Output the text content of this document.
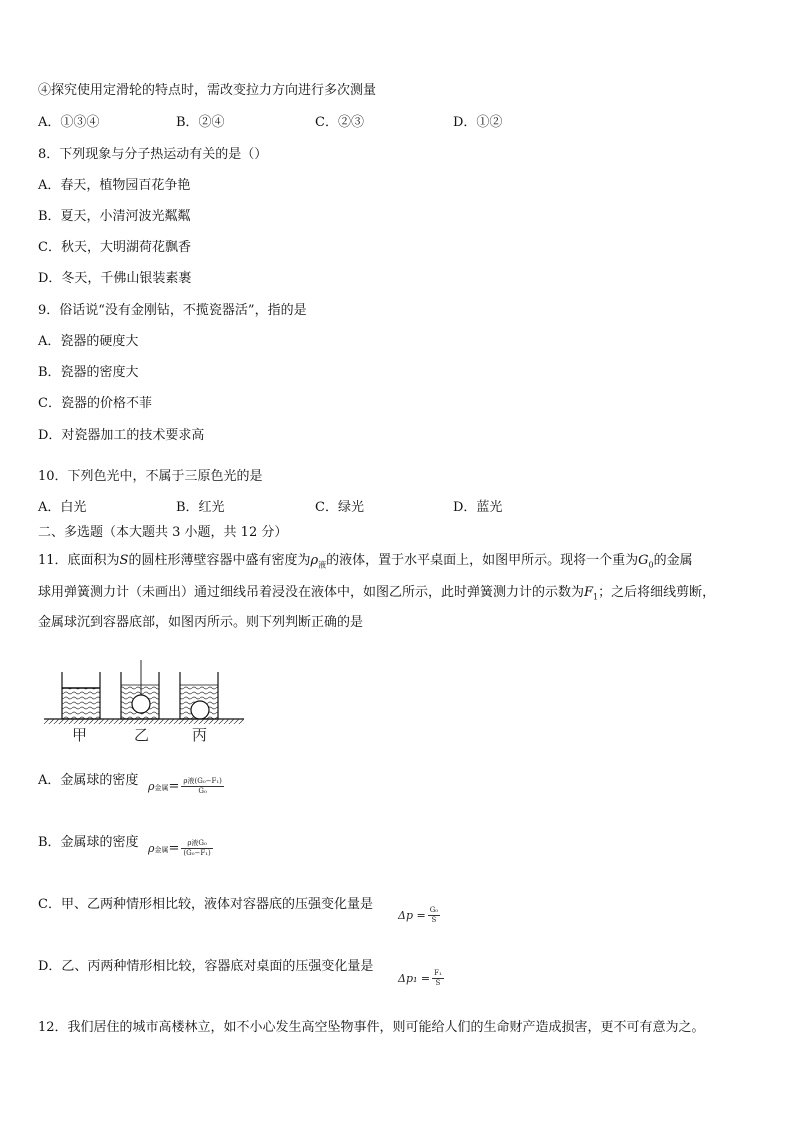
④探究使用定滑轮的特点时，需改变拉力方向进行多次测量
A．①③④	B．②④	C．②③	D．①②
8．下列现象与分子热运动有关的是（）
A．春天，植物园百花争艳
B．夏天，小清河波光粼粼
C．秋天，大明湖荷花飘香
D．冬天，千佛山银装素裹
9．俗话说“没有金刚钻，不揽瓷器活”，指的是
A．瓷器的硬度大
B．瓷器的密度大
C．瓷器的价格不菲
D．对瓷器加工的技术要求高
10．下列色光中，不属于三原色光的是
A．白光	B．红光	C．绿光	D．蓝光
二、多选题（本大题共 3 小题，共 12 分）
11．底面积为S的圆柱形薄壁容器中盛有密度为$\rho_液$的液体，置于水平桌面上，如图甲所示。现将一个重为$G_0$的金属
球用弹簧测力计（未画出）通过细线吊着浸没在液体中，如图乙所示，此时弹簧测力计的示数为$F_1$；之后将细线剪断，
金属球沉到容器底部，如图丙所示。则下列判断正确的是
甲	乙	丙
A．金属球的密度 ρ金属= $\frac{\text{ρ液(G₀−F₁)}}{\text{G₀}}$
B．金属球的密度 ρ金属= $\frac{\text{ρ液G₀}}{\text{(G₀−F₁)}}$
C．甲、乙两种情形相比较，液体对容器底的压强变化量是
$\Delta p = \frac{\text{G₀}}{S}$
D．乙、丙两种情形相比较，容器底对桌面的压强变化量是
$\Delta p_1 = \frac{\text{F₁}}{S}$
12．我们居住的城市高楼林立，如不小心发生高空坠物事件，则可能给人们的生命财产造成损害，更不可有意为之。
